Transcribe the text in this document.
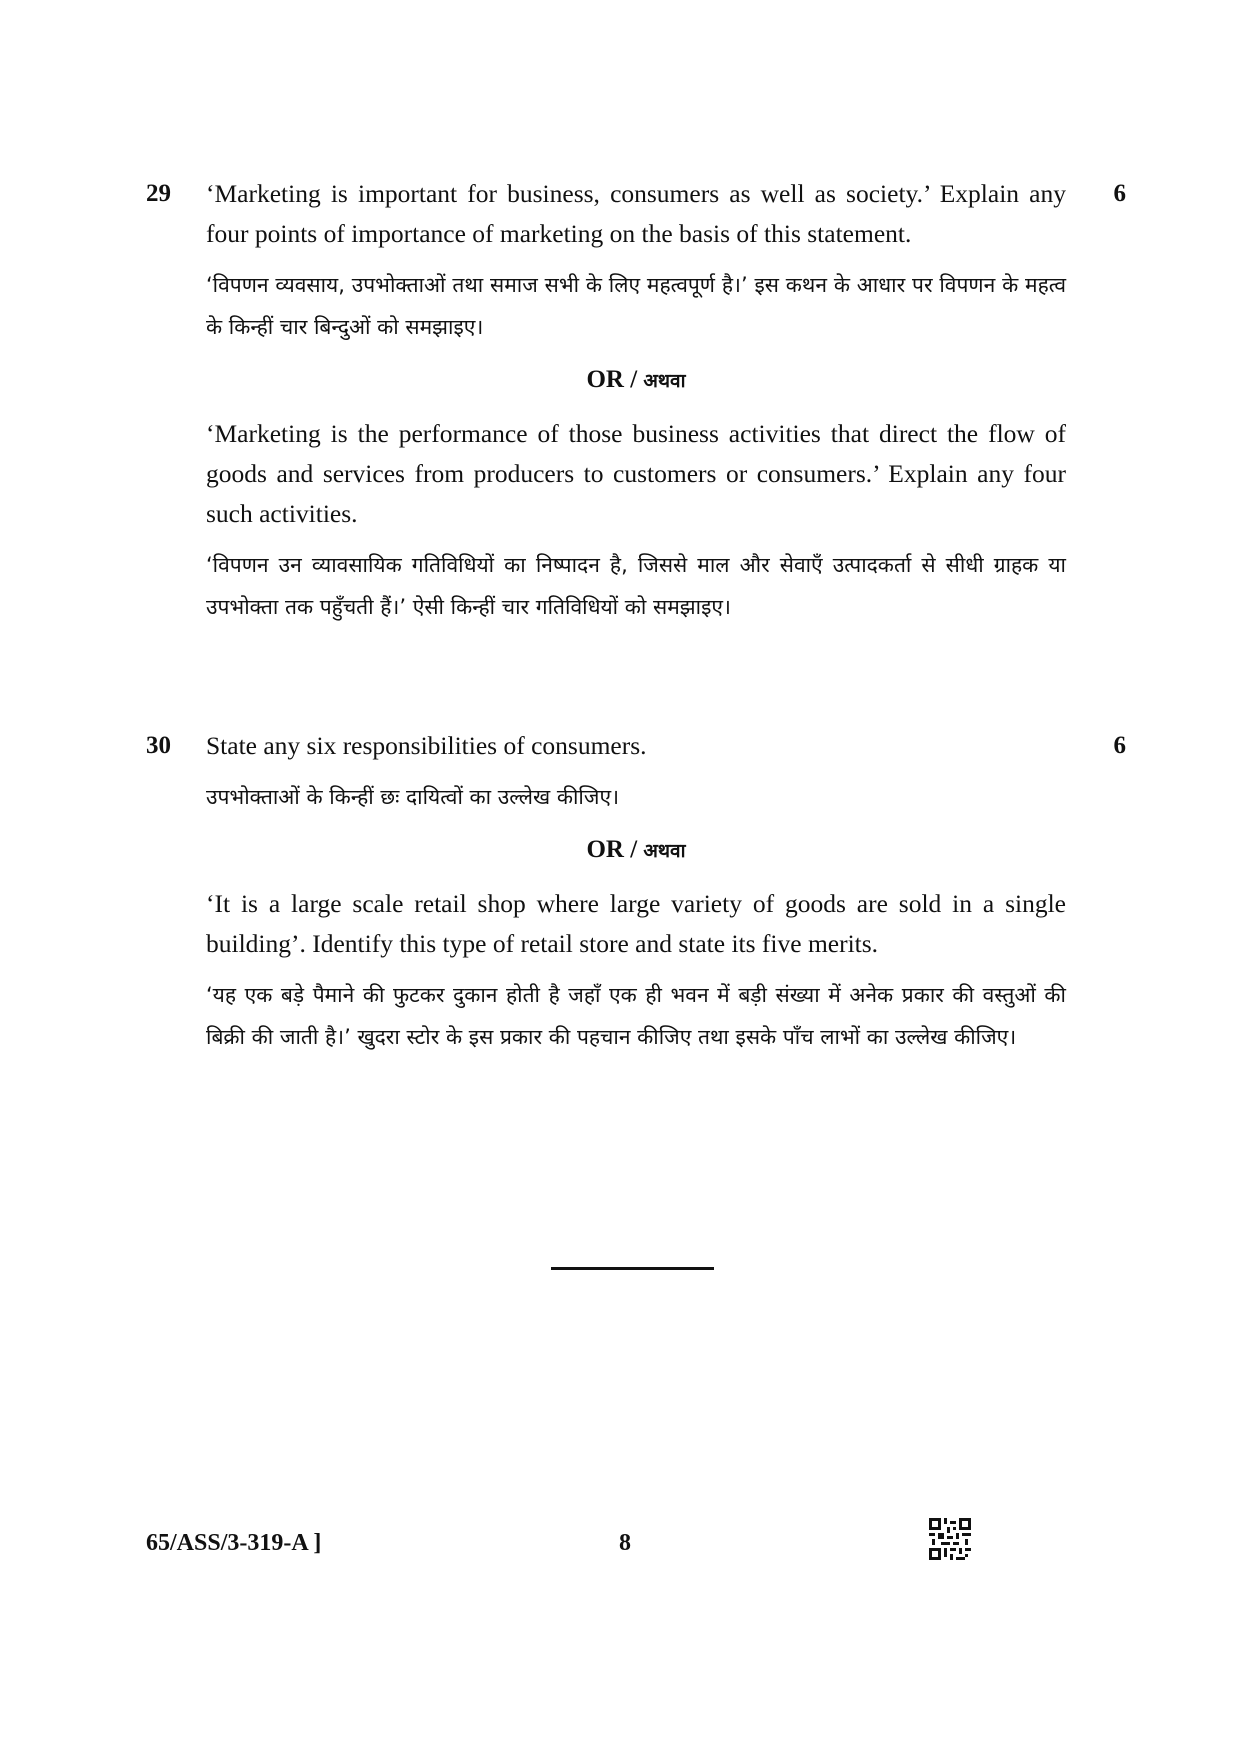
29	6

‘Marketing is important for business, consumers as well as society.’ Explain any four points of importance of marketing on the basis of this statement.

‘विपणन व्यवसाय, उपभोक्ताओं तथा समाज सभी के लिए महत्वपूर्ण है।’ इस कथन के आधार पर विपणन के महत्व के किन्हीं चार बिन्दुओं को समझाइए।

OR / अथवा

‘Marketing is the performance of those business activities that direct the flow of goods and services from producers to customers or consumers.’ Explain any four such activities.

‘विपणन उन व्यावसायिक गतिविधियों का निष्पादन है, जिससे माल और सेवाएँ उत्पादकर्ता से सीधी ग्राहक या उपभोक्ता तक पहुँचती हैं।’ ऐसी किन्हीं चार गतिविधियों को समझाइए।

30	6

State any six responsibilities of consumers.

उपभोक्ताओं के किन्हीं छः दायित्वों का उल्लेख कीजिए।

OR / अथवा

‘It is a large scale retail shop where large variety of goods are sold in a single building’. Identify this type of retail store and state its five merits.

‘यह एक बड़े पैमाने की फुटकर दुकान होती है जहाँ एक ही भवन में बड़ी संख्या में अनेक प्रकार की वस्तुओं की बिक्री की जाती है।’ खुदरा स्टोर के इस प्रकार की पहचान कीजिए तथा इसके पाँच लाभों का उल्लेख कीजिए।

65/ASS/3-319-A ]	8
